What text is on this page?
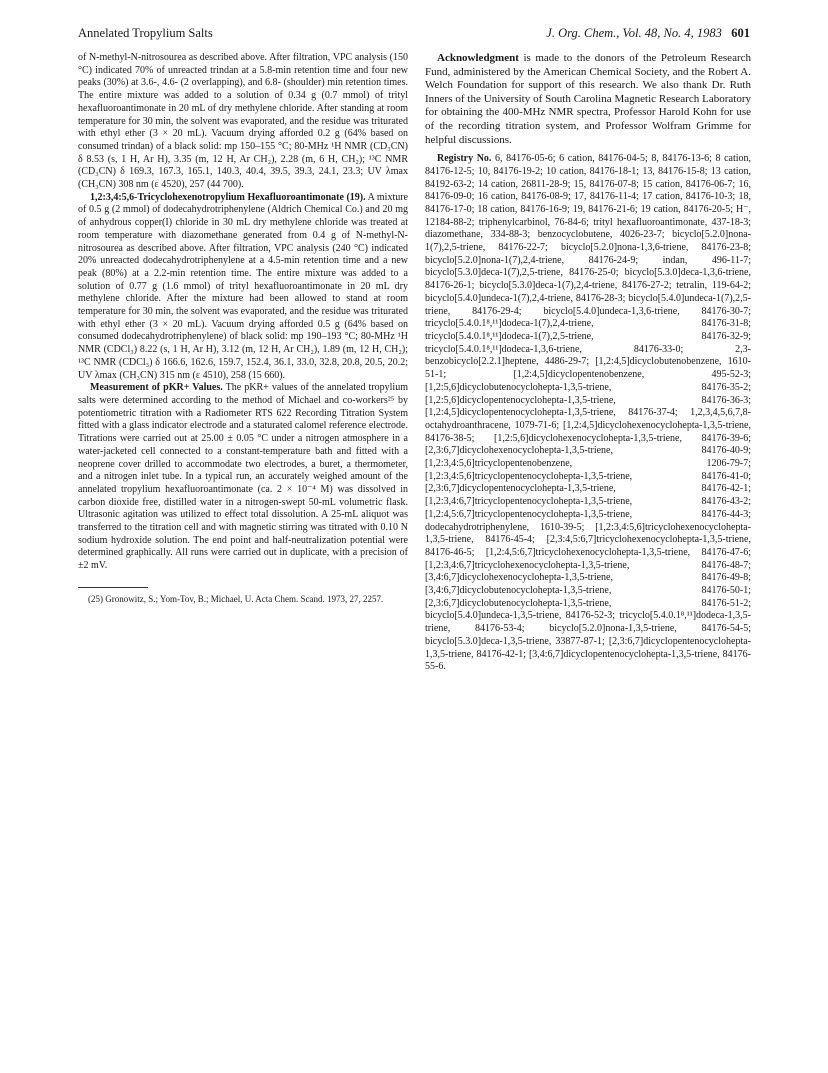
Annelated Tropylium Salts	J. Org. Chem., Vol. 48, No. 4, 1983 601

of N-methyl-N-nitrosourea as described above. After filtration, VPC analysis (150 °C) indicated 70% of unreacted trindan at a 5.8-min retention time and four new peaks (30%) at 3.6-, 4.6- (2 overlapping), and 6.8- (shoulder) min retention times. The entire mixture was added to a solution of 0.34 g (0.7 mmol) of trityl hexafluoroantimonate in 20 mL of dry methylene chloride. After standing at room temperature for 30 min, the solvent was evaporated, and the residue was triturated with ethyl ether (3 × 20 mL). Vacuum drying afforded 0.2 g (64% based on consumed trindan) of a black solid: mp 150–155 °C; 80-MHz ¹H NMR (CD₃CN) δ 8.53 (s, 1 H, Ar H), 3.35 (m, 12 H, Ar CH₂), 2.28 (m, 6 H, CH₂); ¹³C NMR (CD₃CN) δ 169.3, 167.3, 165.1, 140.3, 40.4, 39.5, 39.3, 24.1, 23.3; UV λmax (CH₃CN) 308 nm (ε 4520), 257 (44 700).

1,2:3,4:5,6-Tricyclohexenotropylium Hexafluoroantimonate (19). A mixture of 0.5 g (2 mmol) of dodecahydrotriphenylene (Aldrich Chemical Co.) and 20 mg of anhydrous copper(I) chloride in 30 mL dry methylene chloride was treated at room temperature with diazomethane generated from 0.4 g of N-methyl-N-nitrosourea as described above. After filtration, VPC analysis (240 °C) indicated 20% unreacted dodecahydrotriphenylene at a 4.5-min retention time and a new peak (80%) at a 2.2-min retention time. The entire mixture was added to a solution of 0.77 g (1.6 mmol) of trityl hexafluoroantimonate in 20 mL dry methylene chloride. After the mixture had been allowed to stand at room temperature for 30 min, the solvent was evaporated, and the residue was triturated with ethyl ether (3 × 20 mL). Vacuum drying afforded 0.5 g (64% based on consumed dodecahydrotriphenylene) of black solid: mp 190–193 °C; 80-MHz ¹H NMR (CDCl₃) 8.22 (s, 1 H, Ar H), 3.12 (m, 12 H, Ar CH₂), 1.89 (m, 12 H, CH₂); ¹³C NMR (CDCl₃) δ 166.6, 162.6, 159.7, 152.4, 36.1, 33.0, 32.8, 20.8, 20.5, 20.2; UV λmax (CH₃CN) 315 nm (ε 4510), 258 (15 660).

Measurement of pKR+ Values. The pKR+ values of the annelated tropylium salts were determined according to the method of Michael and co-workers²⁵ by potentiometric titration with a Radiometer RTS 622 Recording Titration System fitted with a glass indicator electrode and a staturated calomel reference electrode. Titrations were carried out at 25.00 ± 0.05 °C under a nitrogen atmosphere in a water-jacketed cell connected to a constant-temperature bath and fitted with a neoprene cover drilled to accommodate two electrodes, a buret, a thermometer, and a nitrogen inlet tube. In a typical run, an accurately weighed amount of the annelated tropylium hexafluoroantimonate (ca. 2 × 10⁻⁴ M) was dissolved in carbon dioxide free, distilled water in a nitrogen-swept 50-mL volumetric flask. Ultrasonic agitation was utilized to effect total dissolution. A 25-mL aliquot was transferred to the titration cell and with magnetic stirring was titrated with 0.10 N sodium hydroxide solution. The end point and half-neutralization potential were determined graphically. All runs were carried out in duplicate, with a precision of ±2 mV.

(25) Gronowitz, S.; Yom-Tov, B.; Michael, U. Acta Chem. Scand. 1973, 27, 2257.

Acknowledgment is made to the donors of the Petroleum Research Fund, administered by the American Chemical Society, and the Robert A. Welch Foundation for support of this research. We also thank Dr. Ruth Inners of the University of South Carolina Magnetic Research Laboratory for obtaining the 400-MHz NMR spectra, Professor Harold Kohn for use of the recording titration system, and Professor Wolfram Grimme for helpful discussions.

Registry No. 6, 84176-05-6; 6 cation, 84176-04-5; 8, 84176-13-6; 8 cation, 84176-12-5; 10, 84176-19-2; 10 cation, 84176-18-1; 13, 84176-15-8; 13 cation, 84192-63-2; 14 cation, 26811-28-9; 15, 84176-07-8; 15 cation, 84176-06-7; 16, 84176-09-0; 16 cation, 84176-08-9; 17, 84176-11-4; 17 cation, 84176-10-3; 18, 84176-17-0; 18 cation, 84176-16-9; 19, 84176-21-6; 19 cation, 84176-20-5; H⁻, 12184-88-2; triphenylcarbinol, 76-84-6; trityl hexafluoroantimonate, 437-18-3; diazomethane, 334-88-3; benzocyclobutene, 4026-23-7; bicyclo[5.2.0]nona-1(7),2,5-triene, 84176-22-7; bicyclo[5.2.0]nona-1,3,6-triene, 84176-23-8; bicyclo[5.2.0]nona-1(7),2,4-triene, 84176-24-9; indan, 496-11-7; bicyclo[5.3.0]deca-1(7),2,5-triene, 84176-25-0; bicyclo[5.3.0]deca-1,3,6-triene, 84176-26-1; bicyclo[5.3.0]deca-1(7),2,4-triene, 84176-27-2; tetralin, 119-64-2; bicyclo[5.4.0]undeca-1(7),2,4-triene, 84176-28-3; bicyclo[5.4.0]undeca-1(7),2,5-triene, 84176-29-4; bicyclo[5.4.0]undeca-1,3,6-triene, 84176-30-7; tricyclo[5.4.0.1⁸,¹¹]dodeca-1(7),2,4-triene, 84176-31-8; tricyclo[5.4.0.1⁸,¹¹]dodeca-1(7),2,5-triene, 84176-32-9; tricyclo[5.4.0.1⁸,¹¹]dodeca-1,3,6-triene, 84176-33-0; 2,3-benzobicyclo[2.2.1]heptene, 4486-29-7; [1,2:4,5]dicyclobutenobenzene, 1610-51-1; [1,2:4,5]dicyclopentenobenzene, 495-52-3; [1,2:5,6]dicyclobutenocyclohepta-1,3,5-triene, 84176-35-2; [1,2:5,6]dicyclopentenocyclohepta-1,3,5-triene, 84176-36-3; [1,2:4,5]dicyclopentenocyclohepta-1,3,5-triene, 84176-37-4; 1,2,3,4,5,6,7,8-octahydroanthracene, 1079-71-6; [1,2:4,5]dicyclohexenocyclohepta-1,3,5-triene, 84176-38-5; [1,2:5,6]dicyclohexenocyclohepta-1,3,5-triene, 84176-39-6; [2,3:6,7]dicyclohexenocyclohepta-1,3,5-triene, 84176-40-9; [1,2:3,4:5,6]tricyclopentenobenzene, 1206-79-7; [1,2:3,4:5,6]tricyclopentenocyclohepta-1,3,5-triene, 84176-41-0; [2,3:6,7]dicyclopentenocyclohepta-1,3,5-triene, 84176-42-1; [1,2:3,4:6,7]tricyclopentenocyclohepta-1,3,5-triene, 84176-43-2; [1,2:4,5:6,7]tricyclopentenocyclohepta-1,3,5-triene, 84176-44-3; dodecahydrotriphenylene, 1610-39-5; [1,2:3,4:5,6]tricyclohexenocyclohepta-1,3,5-triene, 84176-45-4; [2,3:4,5:6,7]tricyclohexenocyclohepta-1,3,5-triene, 84176-46-5; [1,2:4,5:6,7]tricyclohexenocyclohepta-1,3,5-triene, 84176-47-6; [1,2:3,4:6,7]tricyclohexenocyclohepta-1,3,5-triene, 84176-48-7; [3,4:6,7]dicyclohexenocyclohepta-1,3,5-triene, 84176-49-8; [3,4:6,7]dicyclobutenocyclohepta-1,3,5-triene, 84176-50-1; [2,3:6,7]dicyclobutenocyclohepta-1,3,5-triene, 84176-51-2; bicyclo[5.4.0]undeca-1,3,5-triene, 84176-52-3; tricyclo[5.4.0.1⁸,¹¹]dodeca-1,3,5-triene, 84176-53-4; bicyclo[5.2.0]nona-1,3,5-triene, 84176-54-5; bicyclo[5.3.0]deca-1,3,5-triene, 33877-87-1; [2,3:6,7]dicyclopentenocyclohepta-1,3,5-triene, 84176-42-1; [3,4:6,7]dicyclopentenocyclohepta-1,3,5-triene, 84176-55-6.
